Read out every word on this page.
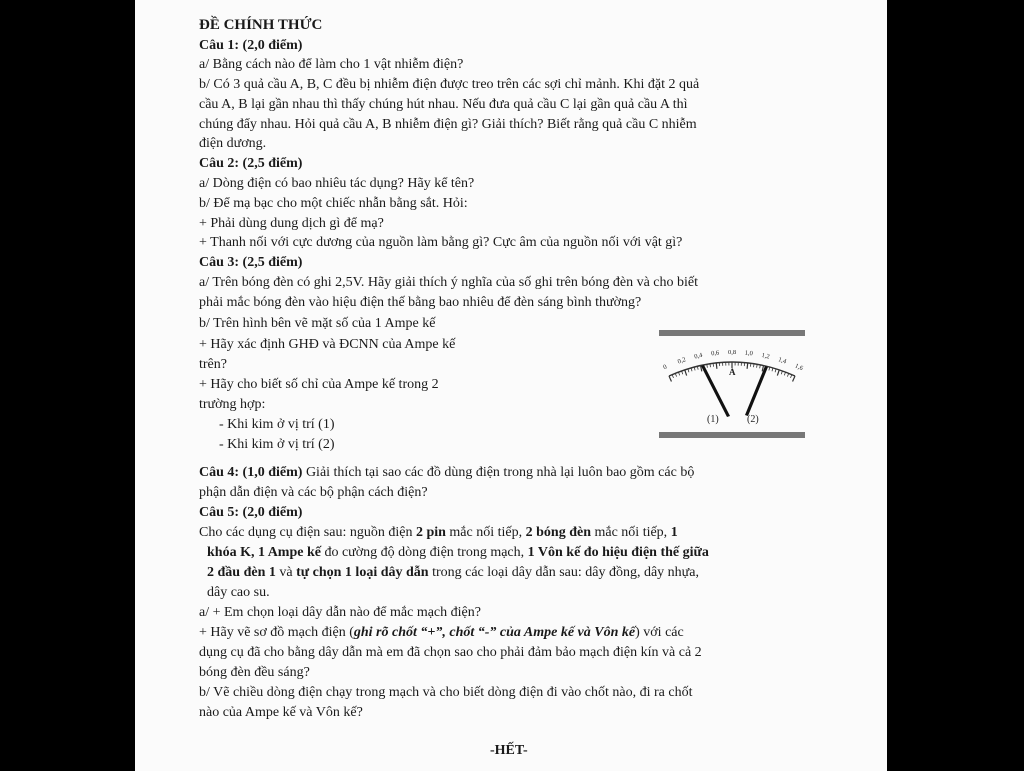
ĐỀ CHÍNH THỨC
Câu 1: (2,0 điểm)
a/ Bằng cách nào để làm cho 1 vật nhiễm điện?
b/ Có 3 quả cầu A, B, C đều bị nhiễm điện được treo trên các sợi chỉ mảnh. Khi đặt 2 quả
cầu A, B lại gần nhau thì thấy chúng hút nhau. Nếu đưa quả cầu C lại gần quả cầu A thì
chúng đẩy nhau. Hỏi quả cầu A, B nhiễm điện gì? Giải thích? Biết rằng quả cầu C nhiễm
điện dương.
Câu 2: (2,5 điểm)
a/ Dòng điện có bao nhiêu tác dụng? Hãy kể tên?
b/ Để mạ bạc cho một chiếc nhẫn bằng sắt. Hỏi:
+ Phải dùng dung dịch gì để mạ?
+ Thanh nối với cực dương của nguồn làm bằng gì? Cực âm của nguồn nối với vật gì?
Câu 3: (2,5 điểm)
a/ Trên bóng đèn có ghi 2,5V. Hãy giải thích ý nghĩa của số ghi trên bóng đèn và cho biết
phải mắc bóng đèn vào hiệu điện thế bằng bao nhiêu để đèn sáng bình thường?
b/ Trên hình bên vẽ mặt số của 1 Ampe kế
+ Hãy xác định GHĐ và ĐCNN của Ampe kế
trên?
+ Hãy cho biết số chỉ của Ampe kế trong 2
trường hợp:
- Khi kim ở vị trí (1)
- Khi kim ở vị trí (2)
0
0,2
0,4 0,6 0,8 1,0 1,2
1,4
1,6
A
(1)	(2)
Câu 4: (1,0 điểm) Giải thích tại sao các đồ dùng điện trong nhà lại luôn bao gồm các bộ
phận dẫn điện và các bộ phận cách điện?
Câu 5: (2,0 điểm)
Cho các dụng cụ điện sau: nguồn điện 2 pin mắc nối tiếp, 2 bóng đèn mắc nối tiếp, 1
khóa K, 1 Ampe kế đo cường độ dòng điện trong mạch, 1 Vôn kế đo hiệu điện thế giữa
2 đầu đèn 1 và tự chọn 1 loại dây dẫn trong các loại dây dẫn sau: dây đồng, dây nhựa,
dây cao su.
a/ + Em chọn loại dây dẫn nào để mắc mạch điện?
+ Hãy vẽ sơ đồ mạch điện (ghi rõ chốt “+”, chốt “-” của Ampe kế và Vôn kế) với các
dụng cụ đã cho bằng dây dẫn mà em đã chọn sao cho phải đảm bảo mạch điện kín và cả 2
bóng đèn đều sáng?
b/ Vẽ chiều dòng điện chạy trong mạch và cho biết dòng điện đi vào chốt nào, đi ra chốt
nào của Ampe kế và Vôn kế?
-HẾT-
